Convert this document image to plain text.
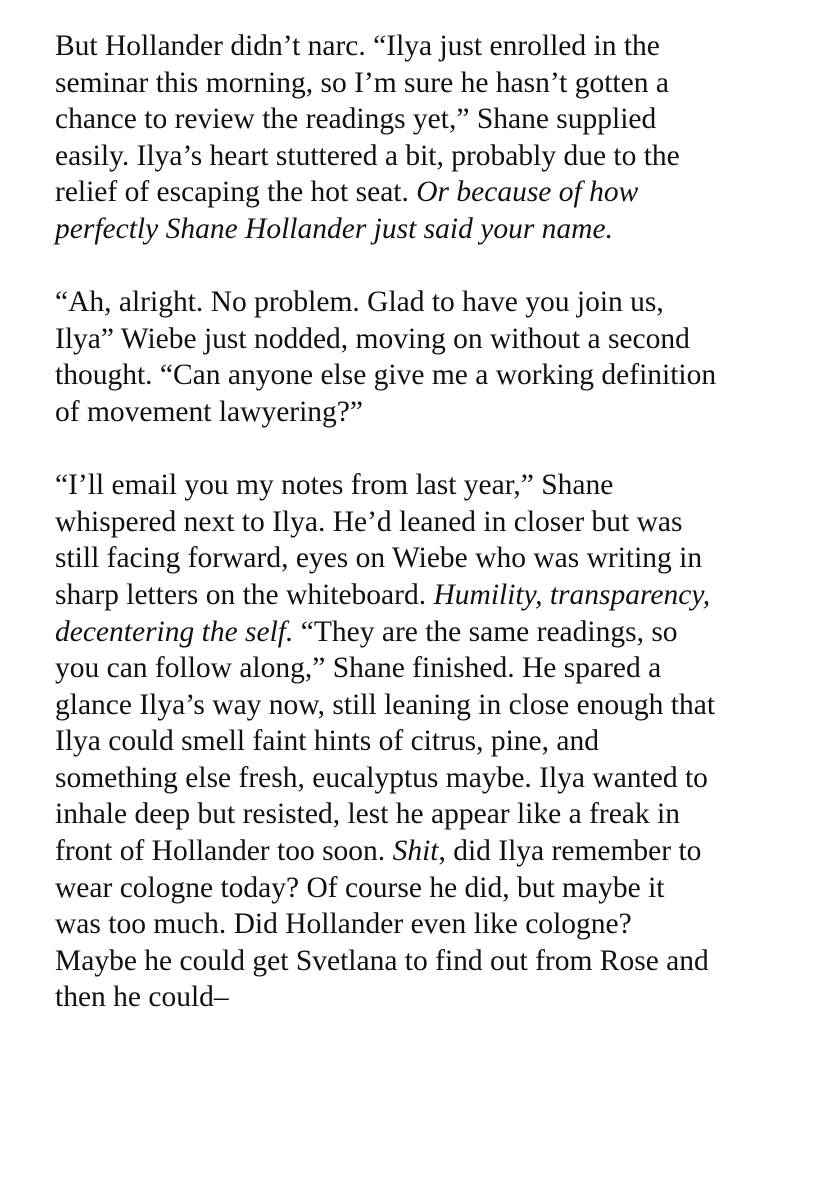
But Hollander didn’t narc. “Ilya just enrolled in the
seminar this morning, so I’m sure he hasn’t gotten a
chance to review the readings yet,” Shane supplied
easily. Ilya’s heart stuttered a bit, probably due to the
relief of escaping the hot seat. Or because of how
perfectly Shane Hollander just said your name.

“Ah, alright. No problem. Glad to have you join us,
Ilya” Wiebe just nodded, moving on without a second
thought. “Can anyone else give me a working definition
of movement lawyering?”

“I’ll email you my notes from last year,” Shane
whispered next to Ilya. He’d leaned in closer but was
still facing forward, eyes on Wiebe who was writing in
sharp letters on the whiteboard. Humility, transparency,
decentering the self. “They are the same readings, so
you can follow along,” Shane finished. He spared a
glance Ilya’s way now, still leaning in close enough that
Ilya could smell faint hints of citrus, pine, and
something else fresh, eucalyptus maybe. Ilya wanted to
inhale deep but resisted, lest he appear like a freak in
front of Hollander too soon. Shit, did Ilya remember to
wear cologne today? Of course he did, but maybe it
was too much. Did Hollander even like cologne?
Maybe he could get Svetlana to find out from Rose and
then he could–
